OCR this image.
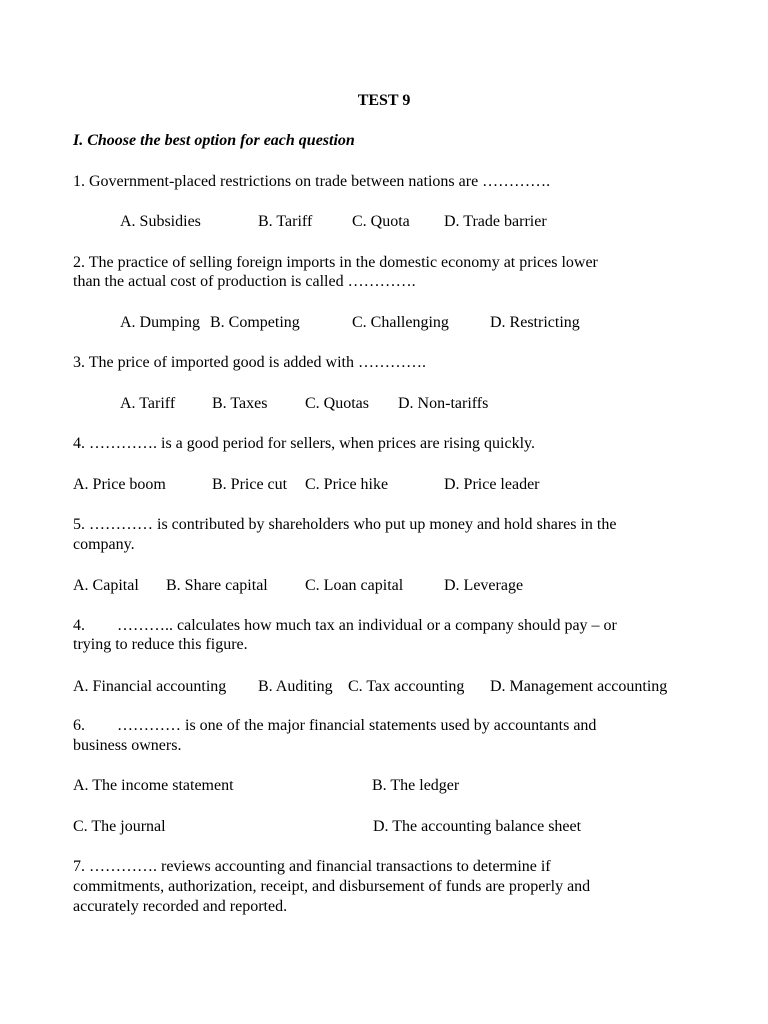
TEST 9
I. Choose the best option for each question
1. Government-placed restrictions on trade between nations are ………….
A. Subsidies	B. Tariff C. Quota D. Trade barrier
2. The practice of selling foreign imports in the domestic economy at prices lower
than the actual cost of production is called ………….
A. Dumping B. Competing	C. Challenging	D. Restricting
3. The price of imported good is added with ………….
A. Tariff B. Taxes C. Quotas D. Non-tariffs
4. …………. is a good period for sellers, when prices are rising quickly.
A. Price boom	B. Price cut C. Price hike	D. Price leader
5. ………… is contributed by shareholders who put up money and hold shares in the
company.
A. Capital B. Share capital C. Loan capital	D. Leverage
4.        ……….. calculates how much tax an individual or a company should pay – or
trying to reduce this figure.
A. Financial accounting B. Auditing C. Tax accounting D. Management accounting
6.        ………… is one of the major financial statements used by accountants and
business owners.
A. The income statement	B. The ledger
C. The journal	D. The accounting balance sheet
7. …………. reviews accounting and financial transactions to determine if
commitments, authorization, receipt, and disbursement of funds are properly and
accurately recorded and reported.
